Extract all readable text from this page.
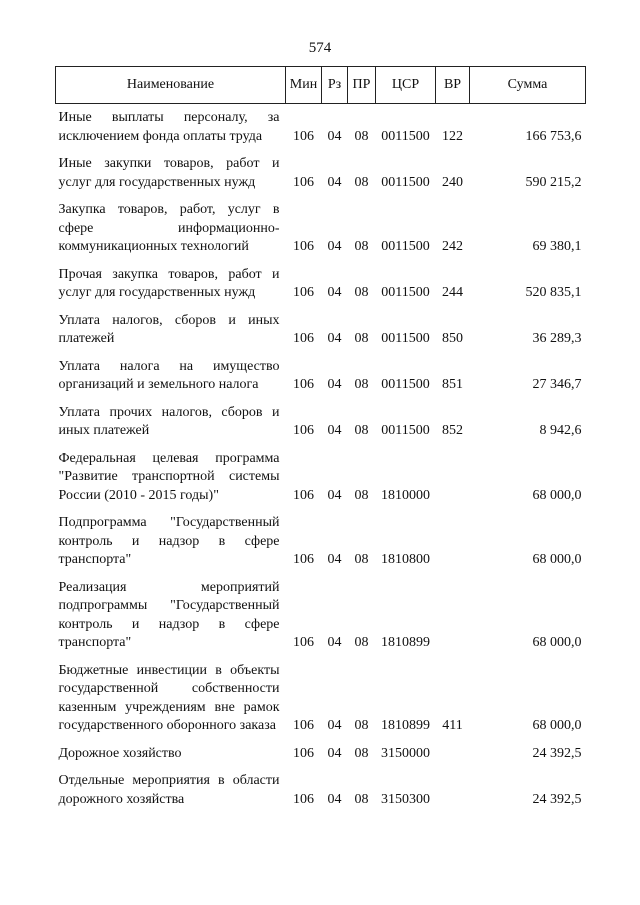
574
Наименование	Мин	Рз	ПР	ЦСР	ВР	Сумма
Иные выплаты персоналу, за исключением фонда оплаты труда	106	04	08	0011500	122	166 753,6
Иные закупки товаров, работ и услуг для государственных нужд	106	04	08	0011500	240	590 215,2
Закупка товаров, работ, услуг в сфере информационно-коммуникационных технологий	106	04	08	0011500	242	69 380,1
Прочая закупка товаров, работ и услуг для государственных нужд	106	04	08	0011500	244	520 835,1
Уплата налогов, сборов и иных платежей	106	04	08	0011500	850	36 289,3
Уплата налога на имущество организаций и земельного налога	106	04	08	0011500	851	27 346,7
Уплата прочих налогов, сборов и иных платежей	106	04	08	0011500	852	8 942,6
Федеральная целевая программа "Развитие транспортной системы России (2010 - 2015 годы)"	106	04	08	1810000		68 000,0
Подпрограмма "Государственный контроль и надзор в сфере транспорта"	106	04	08	1810800		68 000,0
Реализация мероприятий подпрограммы "Государственный контроль и надзор в сфере транспорта"	106	04	08	1810899		68 000,0
Бюджетные инвестиции в объекты государственной собственности казенным учреждениям вне рамок государственного оборонного заказа	106	04	08	1810899	411	68 000,0
Дорожное хозяйство	106	04	08	3150000		24 392,5
Отдельные мероприятия в области дорожного хозяйства	106	04	08	3150300		24 392,5
